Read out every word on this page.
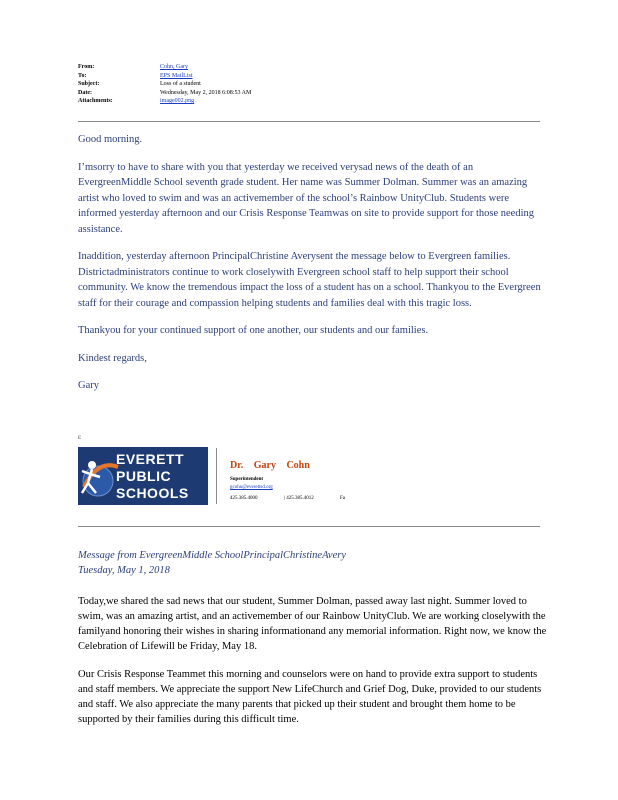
From:	Cohn, Gary
To:	EPS MailList
Subject:	Loss of a student
Date:	Wednesday, May 2, 2018 6:08:53 AM
Attachments:	image002.png

Good morning.

I’msorry to have to share with you that yesterday we received verysad news of the death of an EvergreenMiddle School seventh grade student. Her name was Summer Dolman. Summer was an amazing artist who loved to swim and was an activemember of the school’s Rainbow UnityClub. Students were informed yesterday afternoon and our Crisis Response Teamwas on site to provide support for those needing assistance.

Inaddition, yesterday afternoon PrincipalChristine Averysent the message below to Evergreen families. Districtadministrators continue to work closelywith Evergreen school staff to help support their school community. We know the tremendous impact the loss of a student has on a school. Thankyou to the Evergreen staff for their courage and compassion helping students and families deal with this tragic loss.

Thankyou for your continued support of one another, our students and our families.

Kindest regards,

Gary

E
EVERETT
PUBLIC
SCHOOLS
Dr. Gary Cohn
Superintendent
gcohn@everettsd.org
425.385.4000	| 425.385.4012	Fa
Message from EvergreenMiddle SchoolPrincipalChristineAvery
Tuesday, May 1, 2018

Today,we shared the sad news that our student, Summer Dolman, passed away last night. Summer loved to swim, was an amazing artist, and an activemember of our Rainbow UnityClub. We are working closelywith the familyand honoring their wishes in sharing informationand any memorial information. Right now, we know the Celebration of Lifewill be Friday, May 18.

Our Crisis Response Teammet this morning and counselors were on hand to provide extra support to students and staff members. We appreciate the support New LifeChurch and Grief Dog, Duke, provided to our students and staff. We also appreciate the many parents that picked up their student and brought them home to be supported by their families during this difficult time.
